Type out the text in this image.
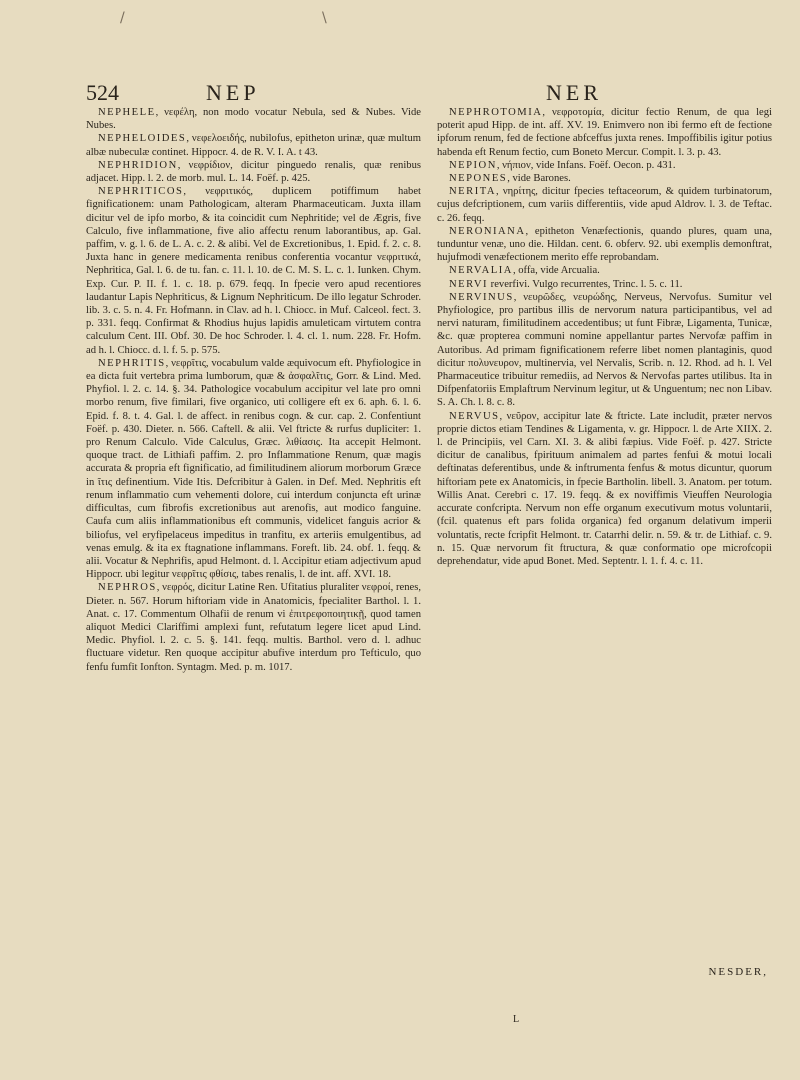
/	\
524	NEP	NER

NEPHELE, νεφέλη, non modo vocatur Nebula, sed & Nubes. Vide Nubes.

NEPHELOIDES, νεφελοειδής, nubilofus, epitheton urinæ, quæ multum albæ nubeculæ continet. Hippocr. 4. de R. V. I. A. t 43.

NEPHRIDION, νεφρίδιον, dicitur pinguedo renalis, quæ renibus adjacet. Hipp. l. 2. de morb. mul. L. 14. Foëf. p. 425.

NEPHRITICOS, νεφριτικός, duplicem potiffimum habet fignificationem: unam Pathologicam, alteram Pharmaceuticam. Juxta illam dicitur vel de ipfo morbo, & ita coincidit cum Nephritide; vel de Ægris, five Calculo, five inflammatione, five alio affectu renum laborantibus, ap. Gal. paffim, v. g. l. 6. de L. A. c. 2. & alibi. Vel de Excretionibus, 1. Epid. f. 2. c. 8. Juxta hanc in genere medicamenta renibus conferentia vocantur νεφριτικά, Nephritica, Gal. l. 6. de tu. fan. c. 11. l. 10. de C. M. S. L. c. 1. Iunken. Chym. Exp. Cur. P. II. f. 1. c. 18. p. 679. feqq. In fpecie vero apud recentiores laudantur Lapis Nephriticus, & Lignum Nephriticum. De illo legatur Schroder. lib. 3. c. 5. n. 4. Fr. Hofmann. in Clav. ad h. l. Chiocc. in Muf. Calceol. fect. 3. p. 331. feqq. Confirmat & Rhodius hujus lapidis amuleticam virtutem contra calculum Cent. III. Obf. 30. De hoc Schroder. l. 4. cl. 1. num. 228. Fr. Hofm. ad h. l. Chiocc. d. l. f. 5. p. 575.

NEPHRITIS, νεφρῖτις, vocabulum valde æquivocum eft. Phyfiologice in ea dicta fuit vertebra prima lumborum, quæ & ἀσφαλῖτις, Gorr. & Lind. Med. Phyfiol. l. 2. c. 14. §. 34. Pathologice vocabulum accipitur vel late pro omni morbo renum, five fimilari, five organico, uti colligere eft ex 6. aph. 6. l. 6. Epid. f. 8. t. 4. Gal. l. de affect. in renibus cogn. & cur. cap. 2. Confentiunt Foëf. p. 430. Dieter. n. 566. Caftell. & alii. Vel ftricte & rurfus dupliciter: 1. pro Renum Calculo. Vide Calculus, Græc. λιθίασις. Ita accepit Helmont. quoque tract. de Lithiafi paffim. 2. pro Inflammatione Renum, quæ magis accurata & propria eft fignificatio, ad fimilitudinem aliorum morborum Græce in ῖτις definentium. Vide Itis. Defcribitur à Galen. in Def. Med. Nephritis eft renum inflammatio cum vehementi dolore, cui interdum conjuncta eft urinæ difficultas, cum fibrofis excretionibus aut arenofis, aut modico fanguine. Caufa cum aliis inflammationibus eft communis, videlicet fanguis acrior & biliofus, vel eryfipelaceus impeditus in tranfitu, ex arteriis emulgentibus, ad venas emulg. & ita ex ftagnatione inflammans. Foreft. lib. 24. obf. 1. feqq. & alii. Vocatur & Nephrifis, apud Helmont. d. l. Accipitur etiam adjectivum apud Hippocr. ubi legitur νεφρῖτις φθίσις, tabes renalis, l. de int. aff. XVI. 18.

NEPHROS, νεφρός, dicitur Latine Ren. Ufitatius pluraliter νεφροί, renes, Dieter. n. 567. Horum hiftoriam vide in Anatomicis, fpecialiter Barthol. l. 1. Anat. c. 17. Commentum Olhafii de renum vi ἐπιτρεφοποιητικῇ, quod tamen aliquot Medici Clariffimi amplexi funt, refutatum legere licet apud Lind. Medic. Phyfiol. l. 2. c. 5. §. 141. feqq. multis. Barthol. vero d. l. adhuc fluctuare videtur. Ren quoque accipitur abufive interdum pro Tefticulo, quo fenfu fumfit Ionfton. Syntagm. Med. p. m. 1017.

NEPHROTOMIA, νεφροτομία, dicitur fectio Renum, de qua legi poterit apud Hipp. de int. aff. XV. 19. Enimvero non ibi fermo eft de fectione ipforum renum, fed de fectione abfceffus juxta renes. Impoffibilis igitur potius habenda eft Renum fectio, cum Boneto Mercur. Compit. l. 3. p. 43.

NEPION, νήπιον, vide Infans. Foëf. Oecon. p. 431.

NEPONES, vide Barones.

NERITA, νηρίτης, dicitur fpecies teftaceorum, & quidem turbinatorum, cujus defcriptionem, cum variis differentiis, vide apud Aldrov. l. 3. de Teftac. c. 26. feqq.

NERONIANA, epitheton Venæfectionis, quando plures, quam una, tunduntur venæ, uno die. Hildan. cent. 6. obferv. 92. ubi exemplis demonftrat, hujufmodi venæfectionem merito effe reprobandam.

NERVALIA, offa, vide Arcualia.

NERVI reverfivi. Vulgo recurrentes, Trinc. l. 5. c. 11.

NERVINUS, νευρῶδες, νευρώδης, Nerveus, Nervofus. Sumitur vel Phyfiologice, pro partibus illis de nervorum natura participantibus, vel ad nervi naturam, fimilitudinem accedentibus; ut funt Fibræ, Ligamenta, Tunicæ, &c. quæ propterea communi nomine appellantur partes Nervofæ paffim in Autoribus. Ad primam fignificationem referre libet nomen plantaginis, quod dicitur πολυνευρον, multinervia, vel Nervalis, Scrib. n. 12. Rhod. ad h. l. Vel Pharmaceutice tribuitur remediis, ad Nervos & Nervofas partes utilibus. Ita in Difpenfatoriis Emplaftrum Nervinum legitur, ut & Unguentum; nec non Libav. S. A. Ch. l. 8. c. 8.

NERVUS, νεῦρον, accipitur late & ftricte. Late includit, præter nervos proprie dictos etiam Tendines & Ligamenta, v. gr. Hippocr. l. de Arte XIIX. 2. l. de Principiis, vel Carn. XI. 3. & alibi fæpius. Vide Foëf. p. 427. Stricte dicitur de canalibus, fpirituum animalem ad partes fenfui & motui locali deftinatas deferentibus, unde & inftrumenta fenfus & motus dicuntur, quorum hiftoriam pete ex Anatomicis, in fpecie Bartholin. libell. 3. Anatom. per totum. Willis Anat. Cerebri c. 17. 19. feqq. & ex noviffimis Vieuffen Neurologia accurate confcripta. Nervum non effe organum executivum motus voluntarii, (fcil. quatenus eft pars folida organica) fed organum delativum imperii voluntatis, recte fcripfit Helmont. tr. Catarrhi delir. n. 59. & tr. de Lithiaf. c. 9. n. 15. Quæ nervorum fit ftructura, & quæ conformatio ope microfcopii deprehendatur, vide apud Bonet. Med. Septentr. l. 1. f. 4. c. 11.

NESDER,
L
